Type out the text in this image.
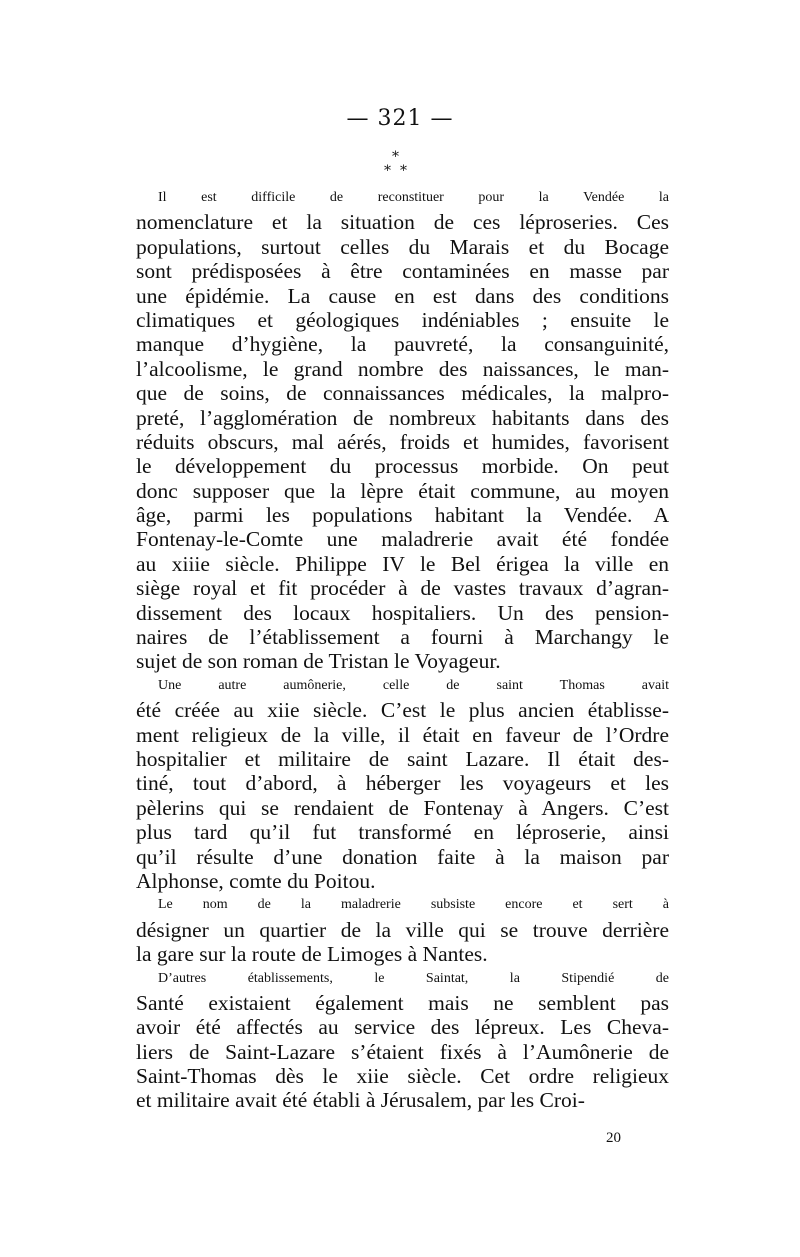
— 321 —
*
* *
Il est difficile de reconstituer pour la Vendée la
nomenclature et la situation de ces léproseries. Ces
populations, surtout celles du Marais et du Bocage
sont prédisposées à être contaminées en masse par
une épidémie. La cause en est dans des conditions
climatiques et géologiques indéniables ; ensuite le
manque d’hygiène, la pauvreté, la consanguinité,
l’alcoolisme, le grand nombre des naissances, le man-
que de soins, de connaissances médicales, la malpro-
preté, l’agglomération de nombreux habitants dans des
réduits obscurs, mal aérés, froids et humides, favorisent
le développement du processus morbide. On peut
donc supposer que la lèpre était commune, au moyen
âge, parmi les populations habitant la Vendée. A
Fontenay-le-Comte une maladrerie avait été fondée
au xiiie siècle. Philippe IV le Bel érigea la ville en
siège royal et fit procéder à de vastes travaux d’agran-
dissement des locaux hospitaliers. Un des pension-
naires de l’établissement a fourni à Marchangy le
sujet de son roman de Tristan le Voyageur.
Une autre aumônerie, celle de saint Thomas avait
été créée au xiie siècle. C’est le plus ancien établisse-
ment religieux de la ville, il était en faveur de l’Ordre
hospitalier et militaire de saint Lazare. Il était des-
tiné, tout d’abord, à héberger les voyageurs et les
pèlerins qui se rendaient de Fontenay à Angers. C’est
plus tard qu’il fut transformé en léproserie, ainsi
qu’il résulte d’une donation faite à la maison par
Alphonse, comte du Poitou.
Le nom de la maladrerie subsiste encore et sert à
désigner un quartier de la ville qui se trouve derrière
la gare sur la route de Limoges à Nantes.
D’autres établissements, le Saintat, la Stipendié de
Santé existaient également mais ne semblent pas
avoir été affectés au service des lépreux. Les Cheva-
liers de Saint-Lazare s’étaient fixés à l’Aumônerie de
Saint-Thomas dès le xiie siècle. Cet ordre religieux
et militaire avait été établi à Jérusalem, par les Croi-
20
